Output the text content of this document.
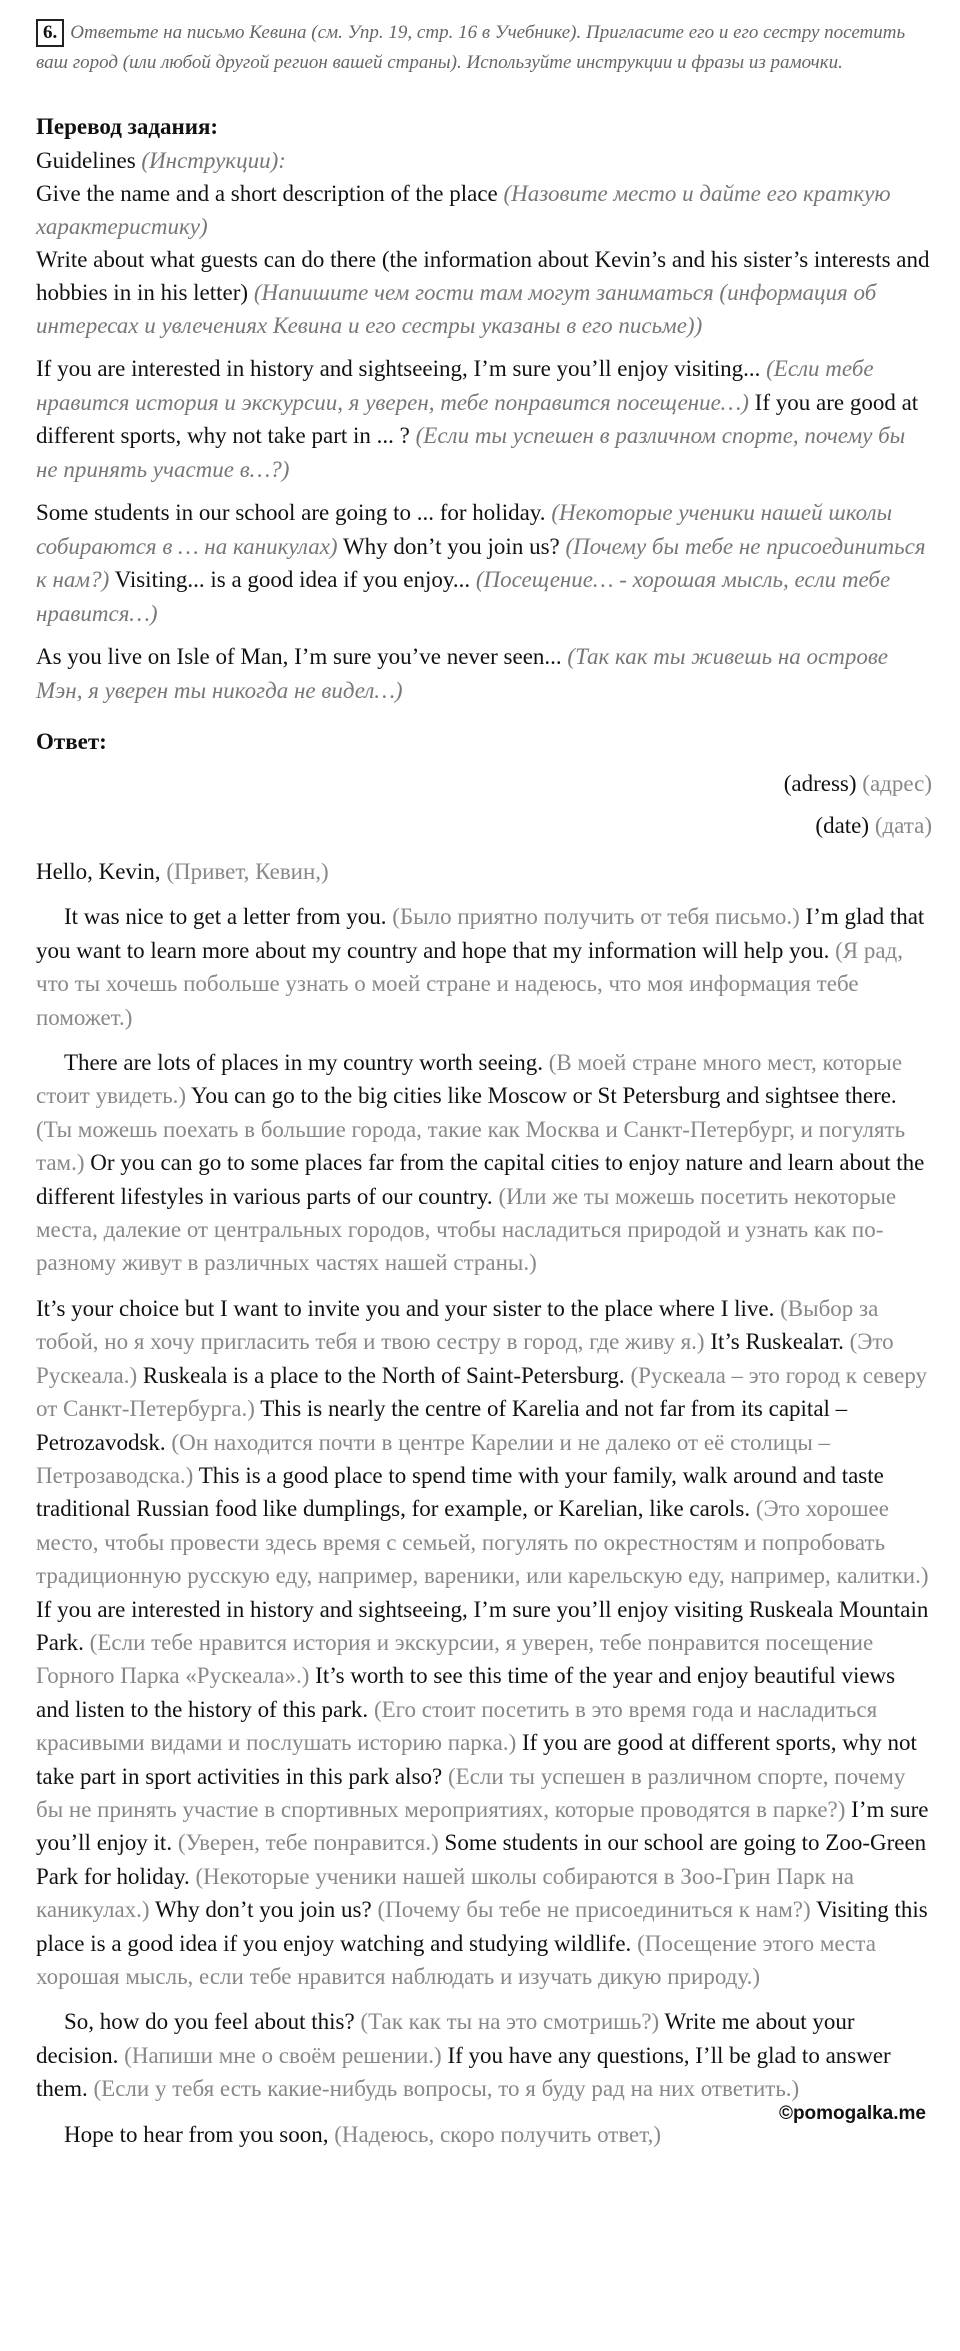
6. Ответьте на письмо Кевина (см. Упр. 19, стр. 16 в Учебнике). Пригласите его и его сестру посетить ваш город (или любой другой регион вашей страны). Используйте инструкции и фразы из рамочки.

Перевод задания:

Guidelines (Инструкции):

Give the name and a short description of the place (Назовите место и дайте его краткую характеристику)

Write about what guests can do there (the information about Kevin’s and his sister’s interests and hobbies in in his letter) (Напишите чем гости там могут заниматься (информация об интересах и увлечениях Кевина и его сестры указаны в его письме))

If you are interested in history and sightseeing, I’m sure you’ll enjoy visiting... (Если тебе нравится история и экскурсии, я уверен, тебе понравится посещение…) If you are good at different sports, why not take part in ... ? (Если ты успешен в различном спорте, почему бы не принять участие в…?)

Some students in our school are going to ... for holiday. (Некоторые ученики нашей школы собираются в … на каникулах) Why don’t you join us? (Почему бы тебе не присоединиться к нам?) Visiting... is a good idea if you enjoy... (Посещение… - хорошая мысль, если тебе нравится…)

As you live on Isle of Man, I’m sure you’ve never seen... (Так как ты живешь на острове Мэн, я уверен ты никогда не видел…)

Ответ:

(adress) (адрес)

(date) (дата)

Hello, Kevin, (Привет, Кевин,)

It was nice to get a letter from you. (Было приятно получить от тебя письмо.) I’m glad that you want to learn more about my country and hope that my information will help you. (Я рад, что ты хочешь побольше узнать о моей стране и надеюсь, что моя информация тебе поможет.)

There are lots of places in my country worth seeing. (В моей стране много мест, которые стоит увидеть.) You can go to the big cities like Moscow or St Petersburg and sightsee there. (Ты можешь поехать в большие города, такие как Москва и Санкт-Петербург, и погулять там.) Or you can go to some places far from the capital cities to enjoy nature and learn about the different lifestyles in various parts of our country. (Или же ты можешь посетить некоторые места, далекие от центральных городов, чтобы насладиться природой и узнать как по-разному живут в различных частях нашей страны.)

It’s your choice but I want to invite you and your sister to the place where I live. (Выбор за тобой, но я хочу пригласить тебя и твою сестру в город, где живу я.) It’s Ruskealaт. (Это Рускеала.) Ruskeala is a place to the North of Saint-Petersburg. (Рускеала – это город к северу от Санкт-Петербурга.) This is nearly the centre of Karelia and not far from its capital – Petrozavodsk. (Он находится почти в центре Карелии и не далеко от её столицы – Петрозаводска.) This is a good place to spend time with your family, walk around and taste traditional Russian food like dumplings, for example, or Karelian, like carols. (Это хорошее место, чтобы провести здесь время с семьей, погулять по окрестностям и попробовать традиционную русскую еду, например, вареники, или карельскую еду, например, калитки.) If you are interested in history and sightseeing, I’m sure you’ll enjoy visiting Ruskeala Mountain Park. (Если тебе нравится история и экскурсии, я уверен, тебе понравится посещение Горного Парка «Рускеала».) It’s worth to see this time of the year and enjoy beautiful views and listen to the history of this park. (Его стоит посетить в это время года и насладиться красивыми видами и послушать историю парка.) If you are good at different sports, why not take part in sport activities in this park also? (Если ты успешен в различном спорте, почему бы не принять участие в спортивных мероприятиях, которые проводятся в парке?) I’m sure you’ll enjoy it. (Уверен, тебе понравится.) Some students in our school are going to Zoo-Green Park for holiday. (Некоторые ученики нашей школы собираются в Зоо-Грин Парк на каникулах.) Why don’t you join us? (Почему бы тебе не присоединиться к нам?) Visiting this place is a good idea if you enjoy watching and studying wildlife. (Посещение этого места хорошая мысль, если тебе нравится наблюдать и изучать дикую природу.)

So, how do you feel about this? (Так как ты на это смотришь?) Write me about your decision. (Напиши мне о своём решении.) If you have any questions, I’ll be glad to answer them. (Если у тебя есть какие-нибудь вопросы, то я буду рад на них ответить.)

Hope to hear from you soon, (Надеюсь, скоро получить ответ,)

©pomogalka.me
